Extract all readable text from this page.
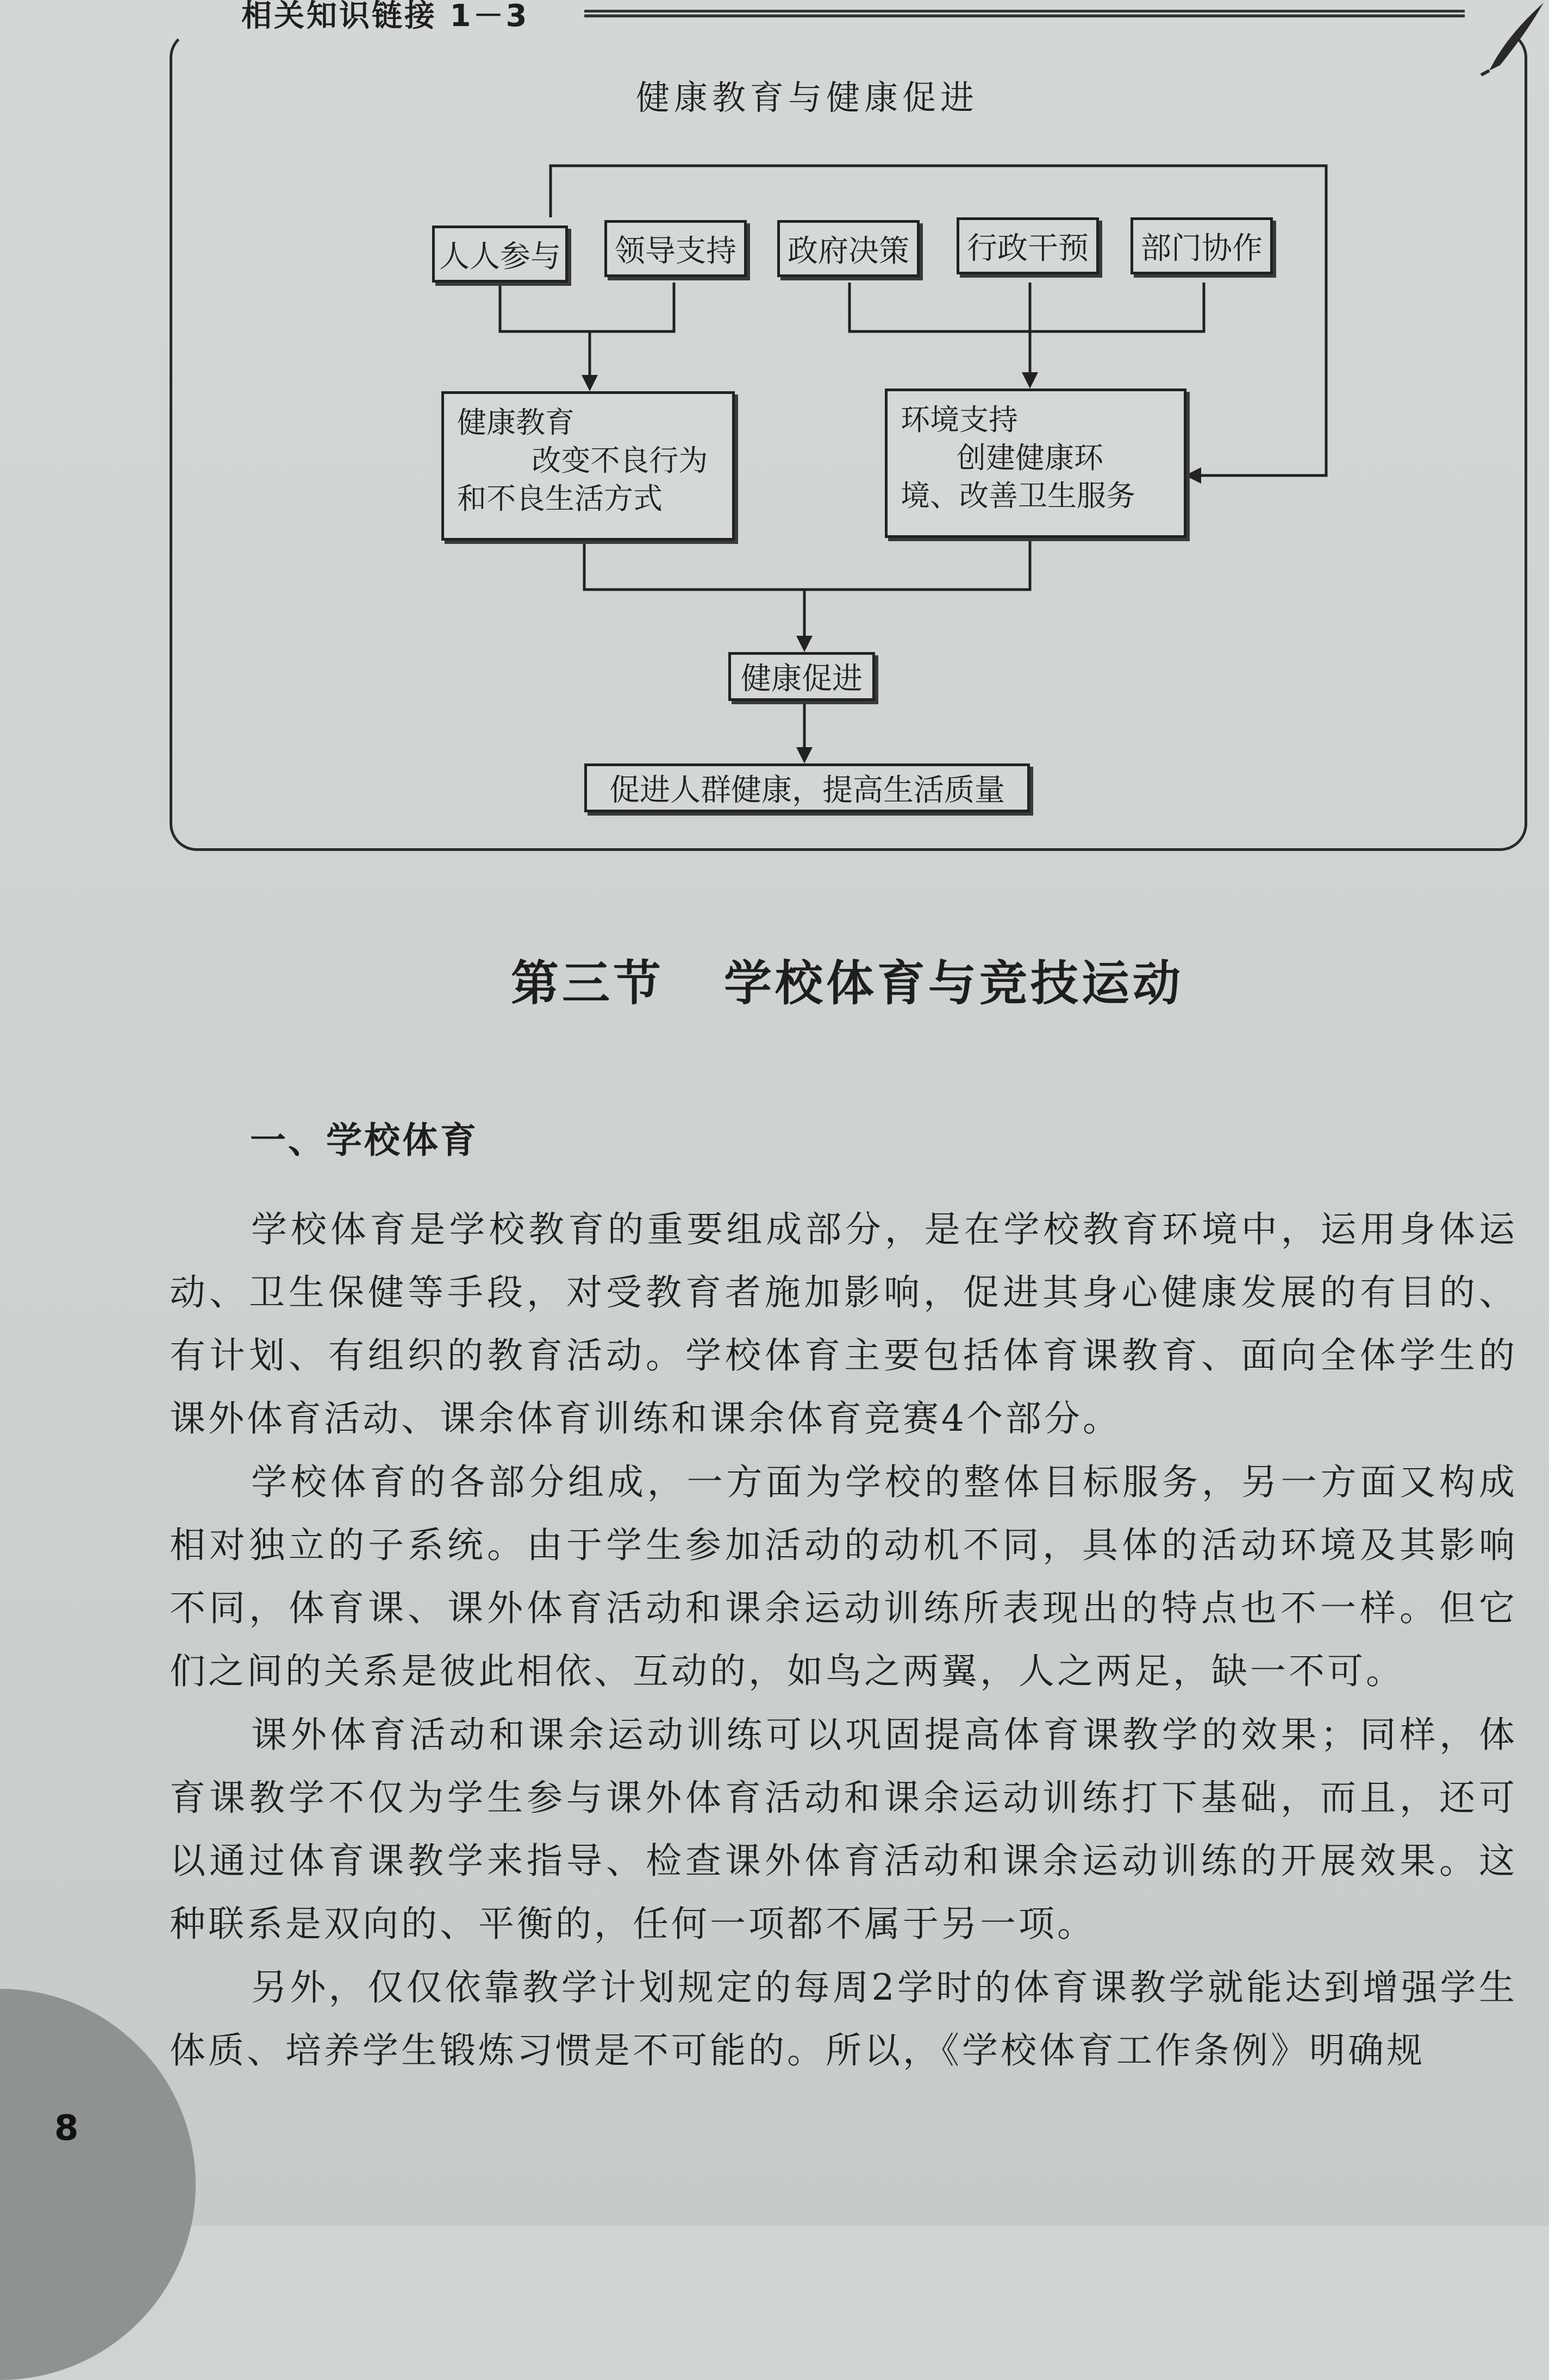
相关知识链接 1－3
健康教育与健康促进
人人参与	领导支持	政府决策	行政干预	部门协作
健康教育
改变不良行为
和不良生活方式
环境支持
创建健康环
境、改善卫生服务
健康促进
促进人群健康，提高生活质量
第三节   学校体育与竞技运动
一、学校体育
学校体育是学校教育的重要组成部分，是在学校教育环境中，运用身体运动、卫生保健等手段，对受教育者施加影响，促进其身心健康发展的有目的、有计划、有组织的教育活动。学校体育主要包括体育课教育、面向全体学生的课外体育活动、课余体育训练和课余体育竞赛4个部分。
学校体育的各部分组成，一方面为学校的整体目标服务，另一方面又构成相对独立的子系统。由于学生参加活动的动机不同，具体的活动环境及其影响不同，体育课、课外体育活动和课余运动训练所表现出的特点也不一样。但它们之间的关系是彼此相依、互动的，如鸟之两翼，人之两足，缺一不可。
课外体育活动和课余运动训练可以巩固提高体育课教学的效果；同样，体育课教学不仅为学生参与课外体育活动和课余运动训练打下基础，而且，还可以通过体育课教学来指导、检查课外体育活动和课余运动训练的开展效果。这种联系是双向的、平衡的，任何一项都不属于另一项。
另外，仅仅依靠教学计划规定的每周2学时的体育课教学就能达到增强学生体质、培养学生锻炼习惯是不可能的。所以，《学校体育工作条例》明确规
8
